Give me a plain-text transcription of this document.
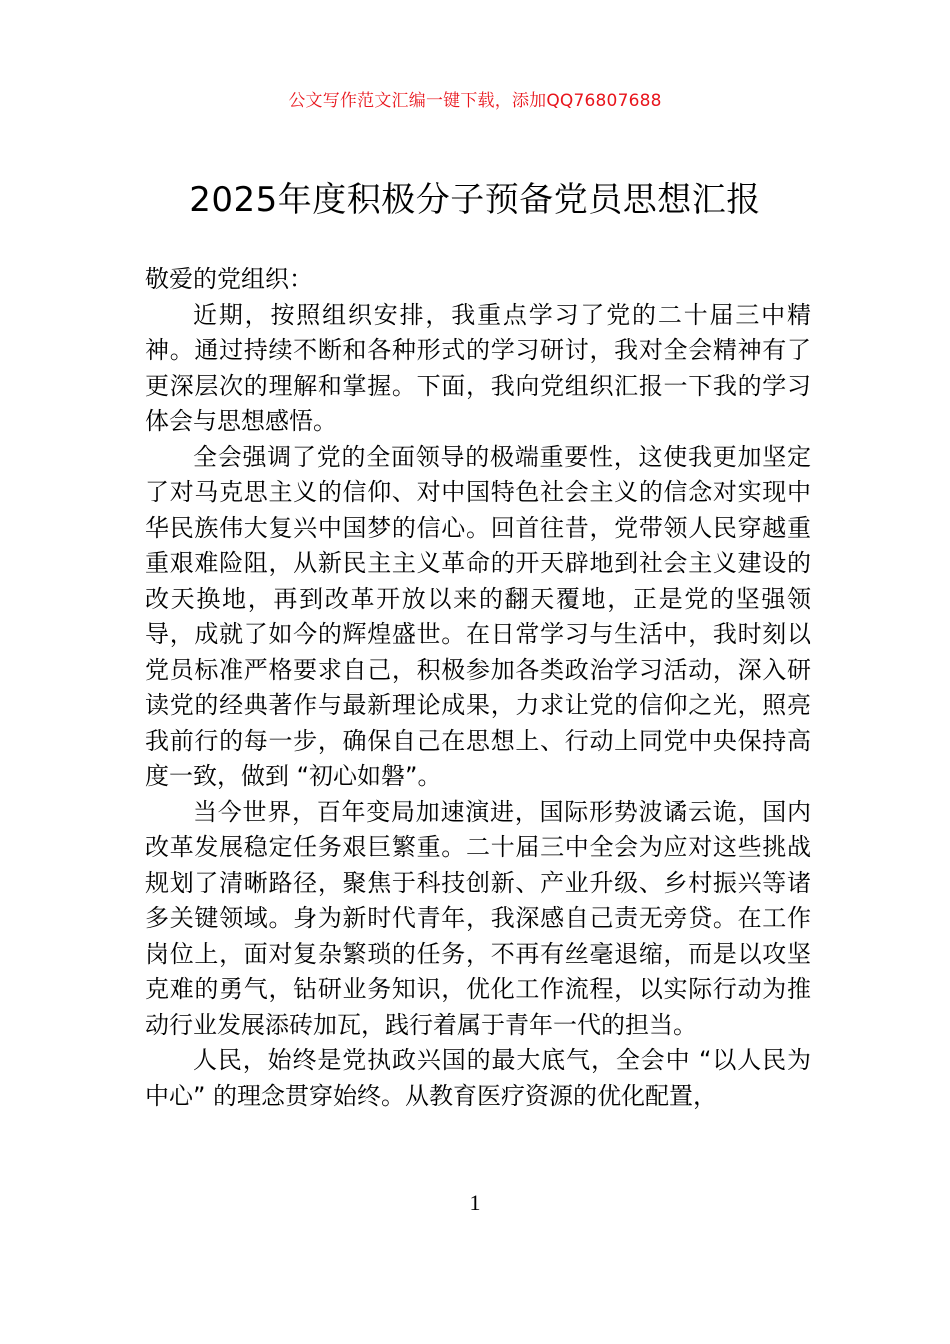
公文写作范文汇编一键下载，添加QQ76807688
2025年度积极分子预备党员思想汇报

敬爱的党组织：

近期，按照组织安排，我重点学习了党的二十届三中精神。通过持续不断和各种形式的学习研讨，我对全会精神有了更深层次的理解和掌握。下面，我向党组织汇报一下我的学习体会与思想感悟。

全会强调了党的全面领导的极端重要性，这使我更加坚定了对马克思主义的信仰、对中国特色社会主义的信念对实现中华民族伟大复兴中国梦的信心。回首往昔，党带领人民穿越重重艰难险阻，从新民主主义革命的开天辟地到社会主义建设的改天换地，再到改革开放以来的翻天覆地，正是党的坚强领导，成就了如今的辉煌盛世。在日常学习与生活中，我时刻以党员标准严格要求自己，积极参加各类政治学习活动，深入研读党的经典著作与最新理论成果，力求让党的信仰之光，照亮我前行的每一步，确保自己在思想上、行动上同党中央保持高度一致，做到 “初心如磐”。

当今世界，百年变局加速演进，国际形势波谲云诡，国内改革发展稳定任务艰巨繁重。二十届三中全会为应对这些挑战规划了清晰路径，聚焦于科技创新、产业升级、乡村振兴等诸多关键领域。身为新时代青年，我深感自己责无旁贷。在工作岗位上，面对复杂繁琐的任务，不再有丝毫退缩，而是以攻坚克难的勇气，钻研业务知识，优化工作流程，以实际行动为推动行业发展添砖加瓦，践行着属于青年一代的担当。

人民，始终是党执政兴国的最大底气，全会中 “以人民为中心” 的理念贯穿始终。从教育医疗资源的优化配置，

1
